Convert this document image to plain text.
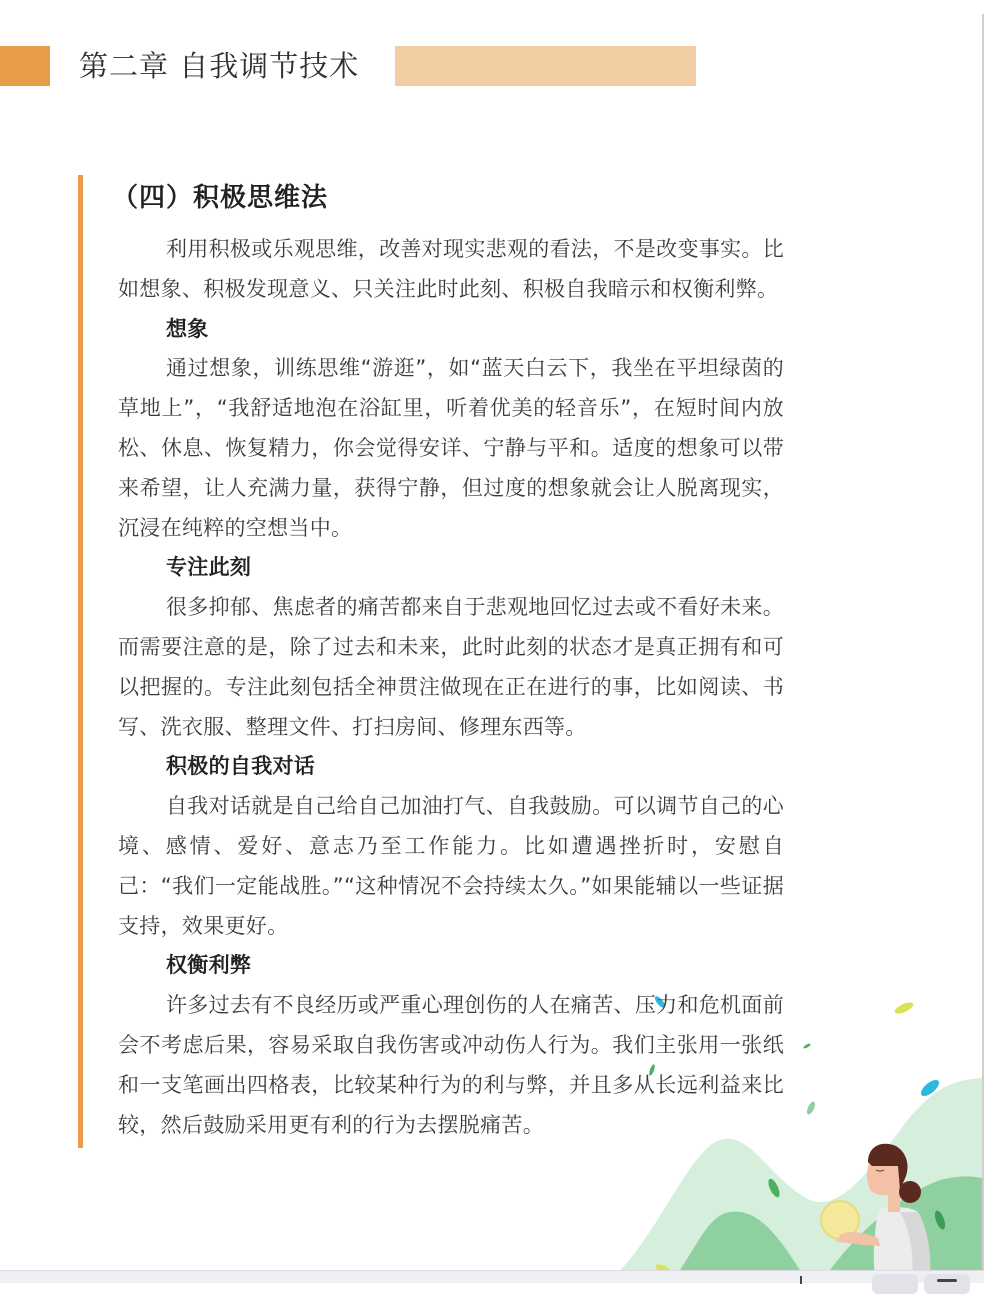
第二章 自我调节技术
（四）积极思维法

利用积极或乐观思维，改善对现实悲观的看法，不是改变事实。比如想象、积极发现意义、只关注此时此刻、积极自我暗示和权衡利弊。

想象

通过想象，训练思维“游逛”，如“蓝天白云下，我坐在平坦绿茵的草地上”，“我舒适地泡在浴缸里，听着优美的轻音乐”，在短时间内放松、休息、恢复精力，你会觉得安详、宁静与平和。适度的想象可以带来希望，让人充满力量，获得宁静，但过度的想象就会让人脱离现实，沉浸在纯粹的空想当中。

专注此刻

很多抑郁、焦虑者的痛苦都来自于悲观地回忆过去或不看好未来。而需要注意的是，除了过去和未来，此时此刻的状态才是真正拥有和可以把握的。专注此刻包括全神贯注做现在正在进行的事，比如阅读、书写、洗衣服、整理文件、打扫房间、修理东西等。

积极的自我对话

自我对话就是自己给自己加油打气、自我鼓励。可以调节自己的心境、感情、爱好、意志乃至工作能力。比如遭遇挫折时，安慰自己：“我们一定能战胜。”“这种情况不会持续太久。”如果能辅以一些证据支持，效果更好。

权衡利弊

许多过去有不良经历或严重心理创伤的人在痛苦、压力和危机面前会不考虑后果，容易采取自我伤害或冲动伤人行为。我们主张用一张纸和一支笔画出四格表，比较某种行为的利与弊，并且多从长远利益来比较，然后鼓励采用更有利的行为去摆脱痛苦。
